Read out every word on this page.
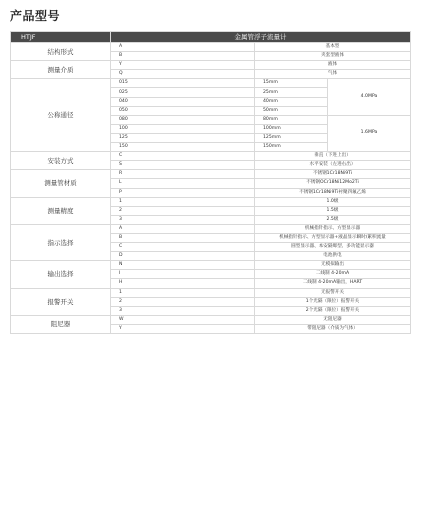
产品型号
HTJF	金属管浮子流量计		
结构形式	A	基本型	
	B	夹套型液体	
测量介质	Y	液体	
	Q	气体	
公称通径	015	15mm	4.0MPa
	025	25mm	
	040	40mm	
	050	50mm	
	080	80mm	1.6MPa
	100	100mm	
	125	125mm	
	150	150mm	
安装方式	C	垂直（下进上出）	
	S	水平安装（左进右出）	
测量管材质	R	不锈钢1Cr18Ni9Ti	
	L	不锈钢OCr18Ni12Mo2Ti	
	P	不锈钢1Cr18Ni9Ti衬聚四氟乙烯	
测量精度	1	1.0级	
	2	1.5级	
	3	2.5级	
指示选择	A	机械指针指示、方型显示器	
	B	机械指针指示、方型显示器+液晶显示瞬时/累积流量	
	C	圆型显示器、本安隔爆型、多功能显示器	
	D	电池供电	
输出选择	N	无模拟输出	
	I	二线制 4-20mA	
	H	二线制 4-20mA输出，HART	
报警开关	1	无报警开关	
	2	1个光隔（限位）报警开关	
	3	2个光隔（限位）报警开关	
阻尼器	W	无阻尼器	
	Y	带阻尼器（介质为气体）	
